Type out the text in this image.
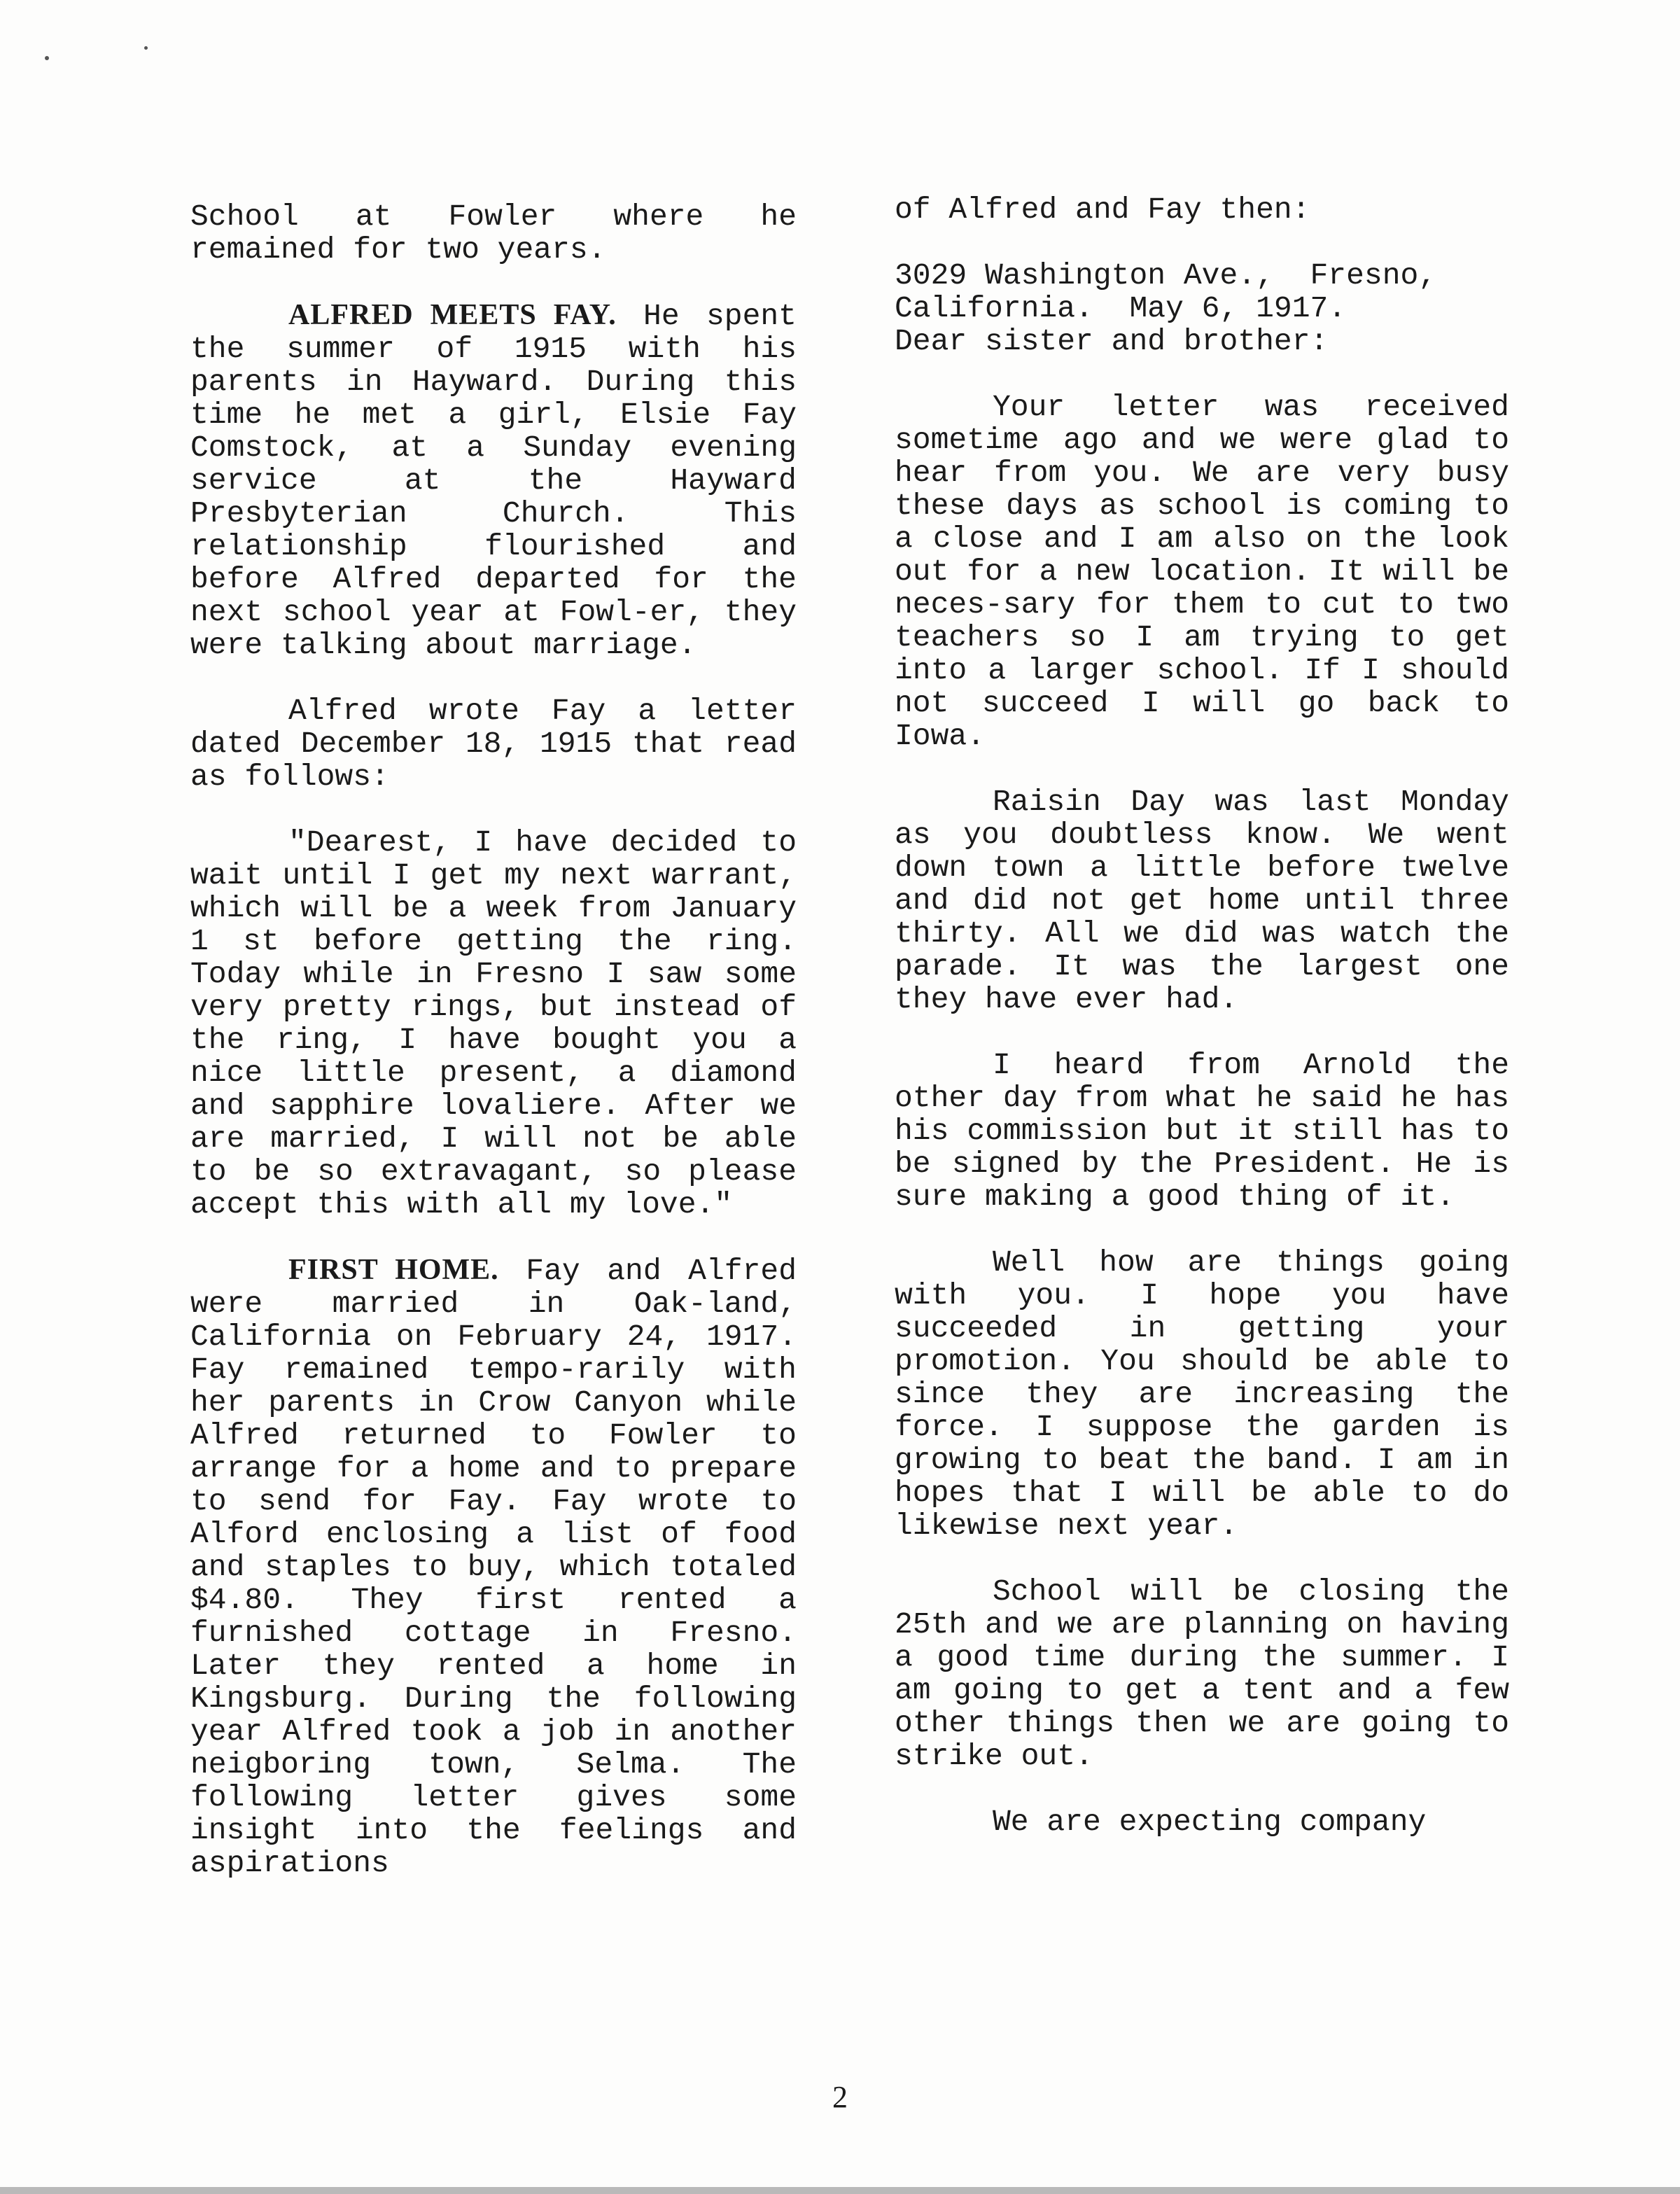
School at Fowler where he remained for two years.

ALFRED MEETS FAY. He spent the summer of 1915 with his parents in Hayward. During this time he met a girl, Elsie Fay Comstock, at a Sunday evening service at the Hayward Presbyterian Church. This relationship flourished and before Alfred departed for the next school year at Fowl-er, they were talking about marriage.

Alfred wrote Fay a letter dated December 18, 1915 that read as follows:

"Dearest, I have decided to wait until I get my next warrant, which will be a week from January 1 st before getting the ring. Today while in Fresno I saw some very pretty rings, but instead of the ring, I have bought you a nice little present, a diamond and sapphire lovaliere. After we are married, I will not be able to be so extravagant, so please accept this with all my love."

FIRST HOME. Fay and Alfred were married in Oak-land, California on February 24, 1917. Fay remained tempo-rarily with her parents in Crow Canyon while Alfred returned to Fowler to arrange for a home and to prepare to send for Fay. Fay wrote to Alford enclosing a list of food and staples to buy, which totaled $4.80. They first rented a furnished cottage in Fresno. Later they rented a home in Kingsburg. During the following year Alfred took a job in another neigboring town, Selma. The following letter gives some insight into the feelings and aspirations

of Alfred and Fay then:

3029 Washington Ave.,  Fresno,
California.  May 6, 1917.
Dear sister and brother:

Your letter was received sometime ago and we were glad to hear from you. We are very busy these days as school is coming to a close and I am also on the look out for a new location. It will be neces-sary for them to cut to two teachers so I am trying to get into a larger school. If I should not succeed I will go back to Iowa.

Raisin Day was last Monday as you doubtless know. We went down town a little before twelve and did not get home until three thirty. All we did was watch the parade. It was the largest one they have ever had.

I heard from Arnold the other day from what he said he has his commission but it still has to be signed by the President. He is sure making a good thing of it.

Well how are things going with you. I hope you have succeeded in getting your promotion. You should be able to since they are increasing the force. I suppose the garden is growing to beat the band. I am in hopes that I will be able to do likewise next year.

School will be closing the 25th and we are planning on having a good time during the summer. I am going to get a tent and a few other things then we are going to strike out.

We are expecting company

2
